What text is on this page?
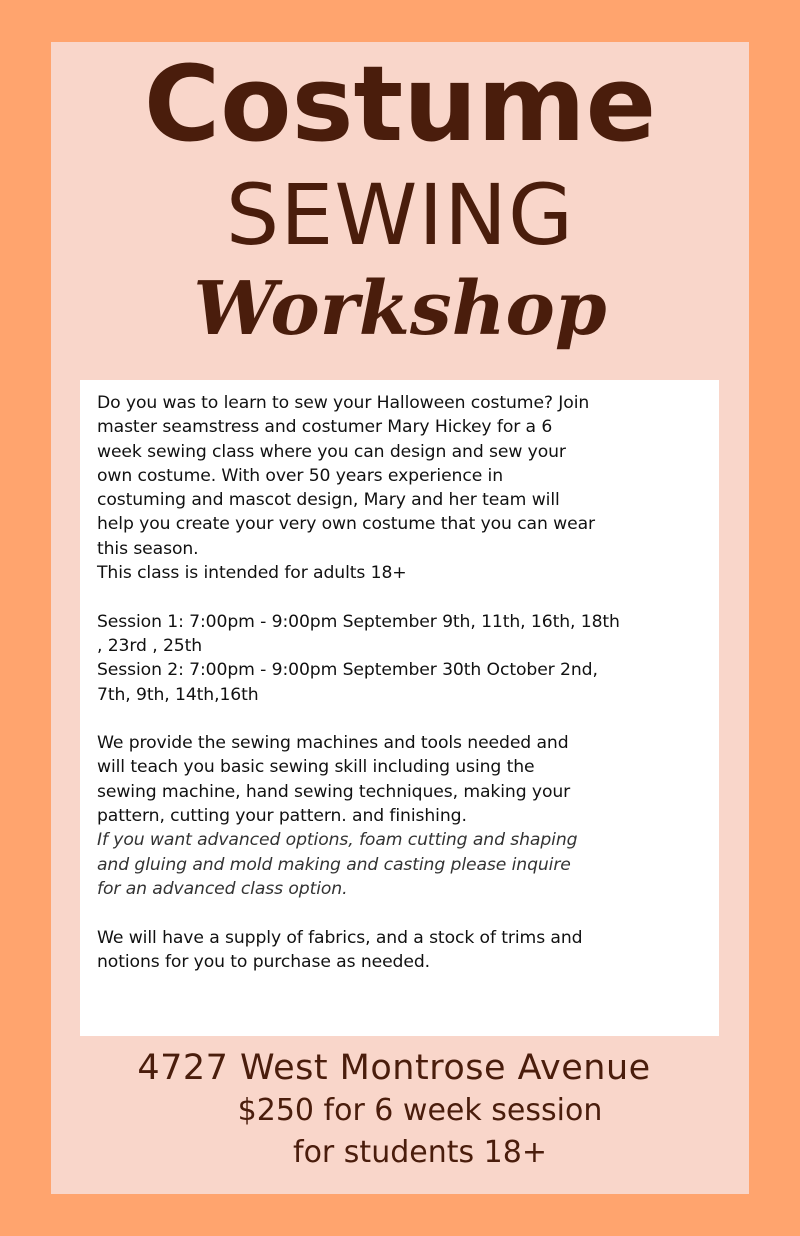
Costume
SEWING
Workshop

Do you was to learn to sew your Halloween costume? Join

master seamstress and costumer Mary Hickey for a 6

week sewing class where you can design and sew your

own costume. With over 50 years experience in

costuming and mascot design, Mary and her team will

help you create your very own costume that you can wear

this season.

This class is intended for adults 18+

Session 1: 7:00pm - 9:00pm September 9th, 11th, 16th, 18th

, 23rd , 25th

Session 2: 7:00pm - 9:00pm September 30th October 2nd,

7th, 9th, 14th,16th

We provide the sewing machines and tools needed and

will teach you basic sewing skill including using the

sewing machine, hand sewing techniques, making your

pattern, cutting your pattern. and finishing.

If you want advanced options, foam cutting and shaping

and gluing and mold making and casting please inquire

for an advanced class option.

We will have a supply of fabrics, and a stock of trims and

notions for you to purchase as needed.

4727 West Montrose Avenue
$250 for 6 week session
for students 18+
